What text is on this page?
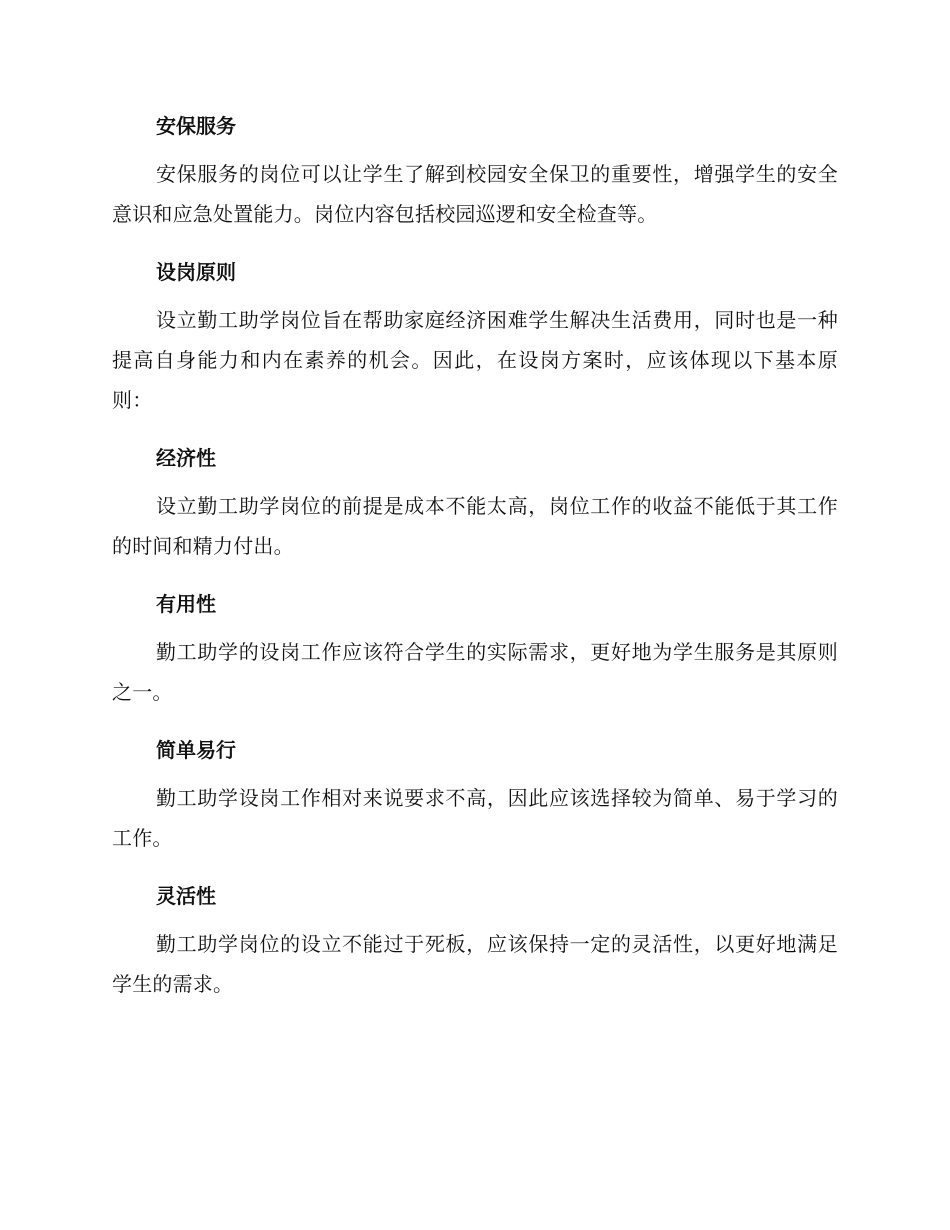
安保服务

安保服务的岗位可以让学生了解到校园安全保卫的重要性，增强学生的安全意识和应急处置能力。岗位内容包括校园巡逻和安全检查等。

设岗原则

设立勤工助学岗位旨在帮助家庭经济困难学生解决生活费用，同时也是一种提高自身能力和内在素养的机会。因此，在设岗方案时，应该体现以下基本原则：

经济性

设立勤工助学岗位的前提是成本不能太高，岗位工作的收益不能低于其工作的时间和精力付出。

有用性

勤工助学的设岗工作应该符合学生的实际需求，更好地为学生服务是其原则之一。

简单易行

勤工助学设岗工作相对来说要求不高，因此应该选择较为简单、易于学习的工作。

灵活性

勤工助学岗位的设立不能过于死板，应该保持一定的灵活性，以更好地满足学生的需求。
